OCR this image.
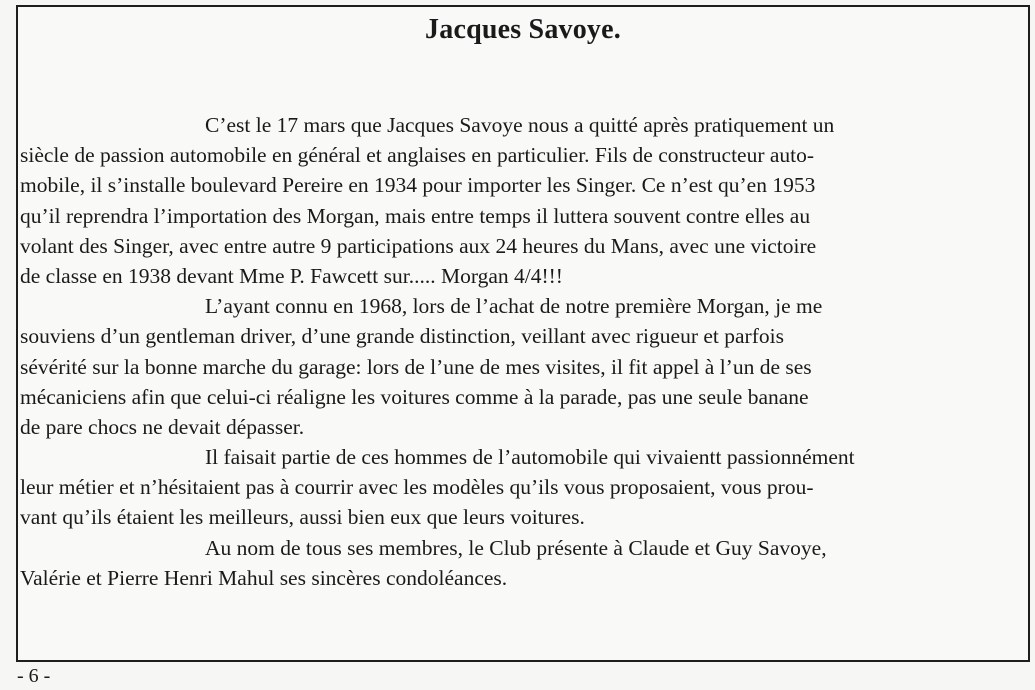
Jacques Savoye.
C’est le 17 mars que Jacques Savoye nous a quitté après pratiquement un
siècle de passion automobile en général et anglaises en particulier. Fils de constructeur auto-
mobile, il s’installe boulevard Pereire en 1934 pour importer les Singer. Ce n’est qu’en 1953
qu’il reprendra l’importation des Morgan, mais entre temps il luttera souvent contre elles au
volant des Singer, avec entre autre 9 participations aux 24 heures du Mans, avec une victoire
de classe en 1938 devant Mme P. Fawcett sur..... Morgan 4/4!!!
L’ayant connu en 1968, lors de l’achat de notre première Morgan, je me
souviens d’un gentleman driver, d’une grande distinction, veillant avec rigueur et parfois
sévérité sur la bonne marche du garage: lors de l’une de mes visites, il fit appel à l’un de ses
mécaniciens afin que celui-ci réaligne les voitures comme à la parade, pas une seule banane
de pare chocs ne devait dépasser.
Il faisait partie de ces hommes de l’automobile qui vivaientt passionnément
leur métier et n’hésitaient pas à courrir avec les modèles qu’ils vous proposaient, vous prou-
vant qu’ils étaient les meilleurs, aussi bien eux que leurs voitures.
Au nom de tous ses membres, le Club présente à Claude et Guy Savoye,
Valérie et Pierre Henri Mahul ses sincères condoléances.
- 6 -
